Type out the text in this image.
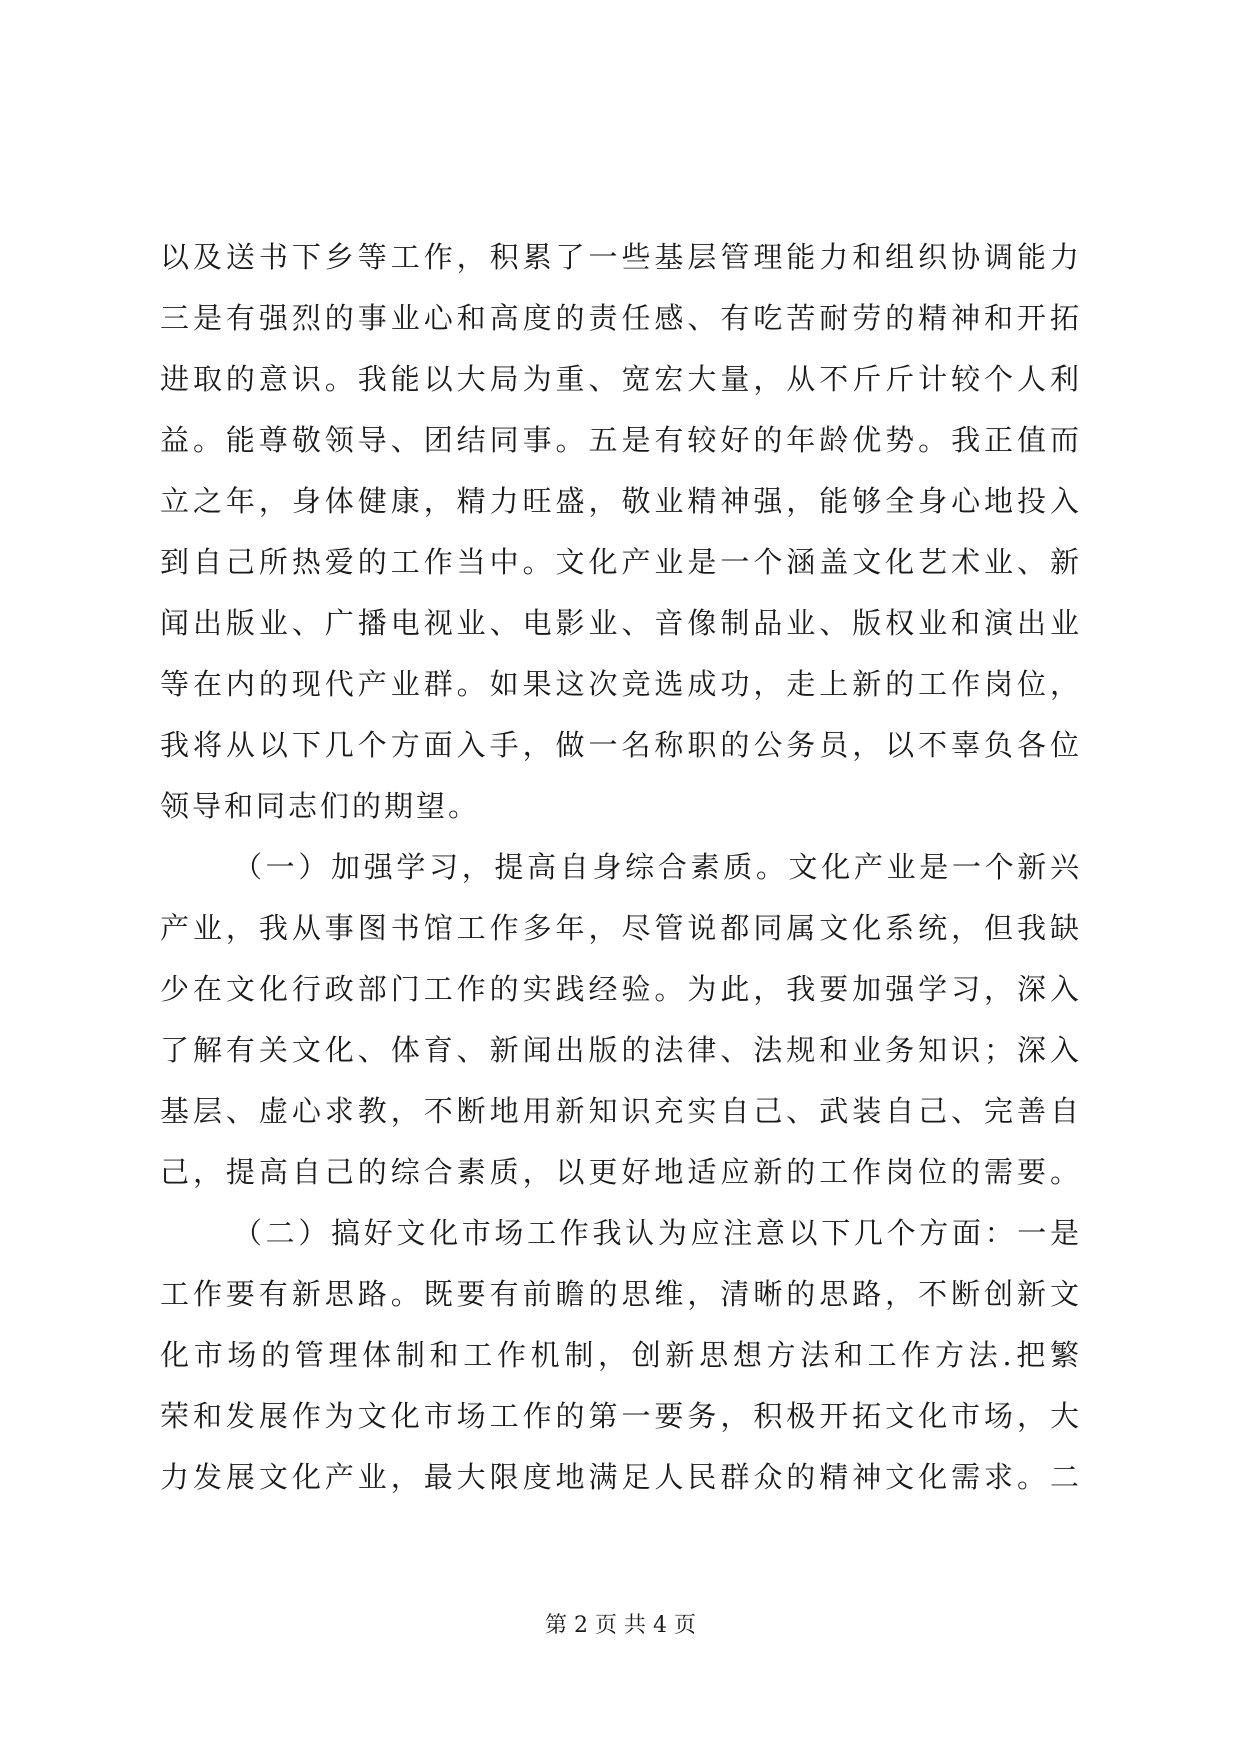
以及送书下乡等工作，积累了一些基层管理能力和组织协调能力
三是有强烈的事业心和高度的责任感、有吃苦耐劳的精神和开拓
进取的意识。我能以大局为重、宽宏大量，从不斤斤计较个人利
益。能尊敬领导、团结同事。五是有较好的年龄优势。我正值而
立之年，身体健康，精力旺盛，敬业精神强，能够全身心地投入
到自己所热爱的工作当中。文化产业是一个涵盖文化艺术业、新
闻出版业、广播电视业、电影业、音像制品业、版权业和演出业
等在内的现代产业群。如果这次竞选成功，走上新的工作岗位，
我将从以下几个方面入手，做一名称职的公务员，以不辜负各位
领导和同志们的期望。
（一）加强学习，提高自身综合素质。文化产业是一个新兴
产业，我从事图书馆工作多年，尽管说都同属文化系统，但我缺
少在文化行政部门工作的实践经验。为此，我要加强学习，深入
了解有关文化、体育、新闻出版的法律、法规和业务知识；深入
基层、虚心求教，不断地用新知识充实自己、武装自己、完善自
己，提高自己的综合素质，以更好地适应新的工作岗位的需要。
（二）搞好文化市场工作我认为应注意以下几个方面：一是
工作要有新思路。既要有前瞻的思维，清晰的思路，不断创新文
化市场的管理体制和工作机制，创新思想方法和工作方法.把繁
荣和发展作为文化市场工作的第一要务，积极开拓文化市场，大
力发展文化产业，最大限度地满足人民群众的精神文化需求。二
第 2 页 共 4 页
